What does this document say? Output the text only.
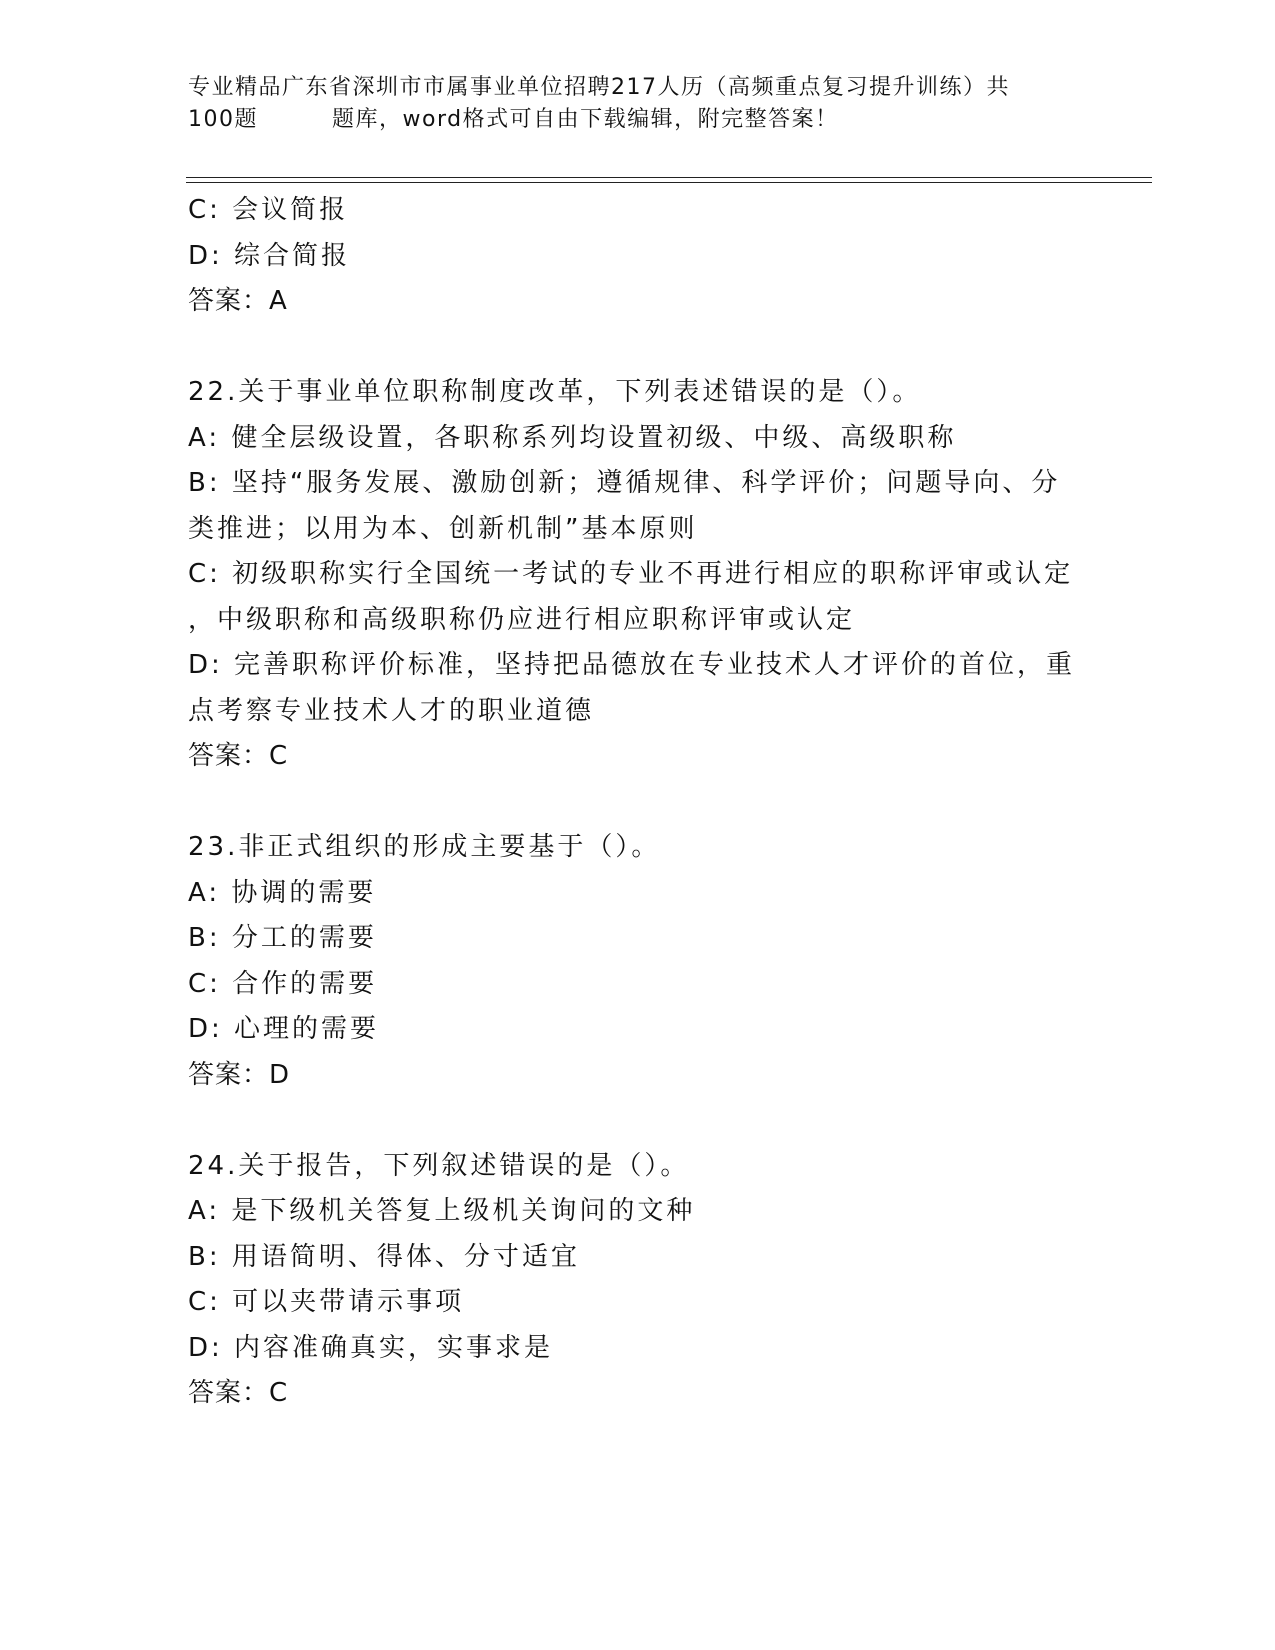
专业精品广东省深圳市市属事业单位招聘217人历（高频重点复习提升训练）共
100题	题库，word格式可自由下载编辑，附完整答案！
C: 会议简报
D: 综合简报
答案：A
22.关于事业单位职称制度改革，下列表述错误的是（）。
A: 健全层级设置，各职称系列均设置初级、中级、高级职称
B: 坚持“服务发展、激励创新；遵循规律、科学评价；问题导向、分
类推进；以用为本、创新机制”基本原则
C: 初级职称实行全国统一考试的专业不再进行相应的职称评审或认定
，中级职称和高级职称仍应进行相应职称评审或认定
D: 完善职称评价标准，坚持把品德放在专业技术人才评价的首位，重
点考察专业技术人才的职业道德
答案：C
23.非正式组织的形成主要基于（）。
A: 协调的需要
B: 分工的需要
C: 合作的需要
D: 心理的需要
答案：D
24.关于报告，下列叙述错误的是（）。
A: 是下级机关答复上级机关询问的文种
B: 用语简明、得体、分寸适宜
C: 可以夹带请示事项
D: 内容准确真实，实事求是
答案：C
